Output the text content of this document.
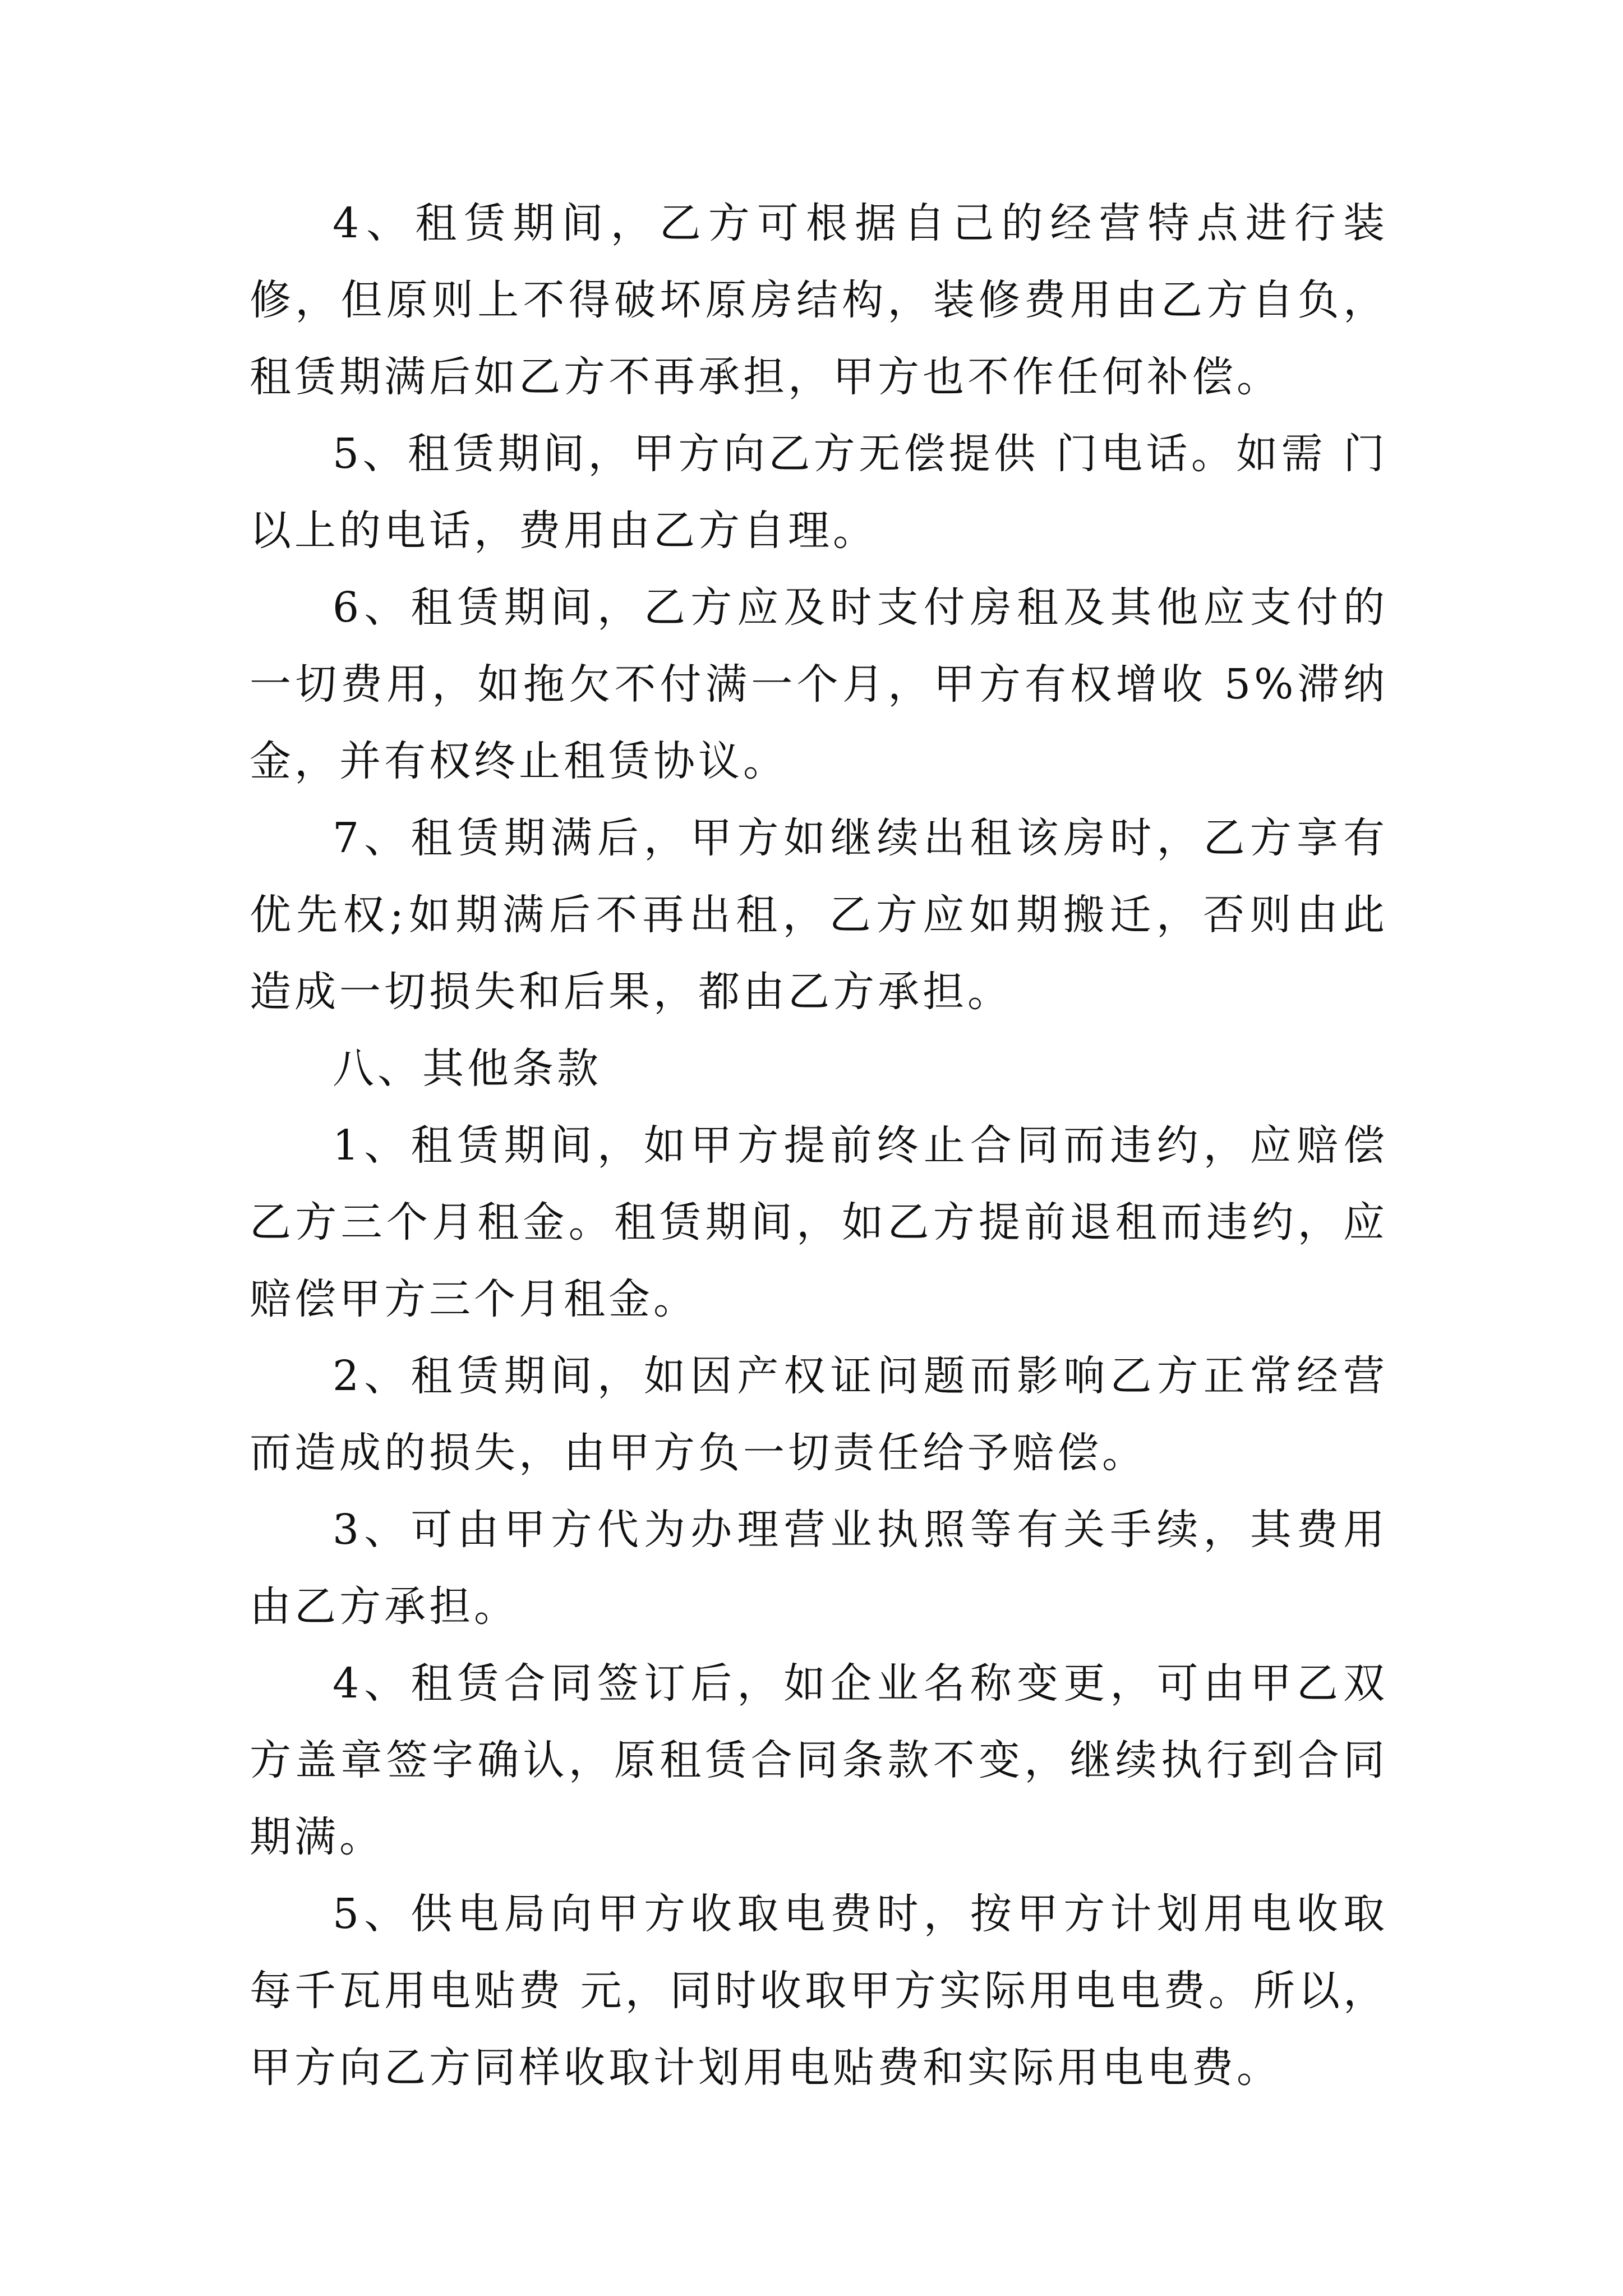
4、租赁期间，乙方可根据自己的经营特点进行装修，但原则上不得破坏原房结构，装修费用由乙方自负，租赁期满后如乙方不再承担，甲方也不作任何补偿。

5、租赁期间，甲方向乙方无偿提供 门电话。如需 门以上的电话，费用由乙方自理。

6、租赁期间，乙方应及时支付房租及其他应支付的一切费用，如拖欠不付满一个月，甲方有权增收 5%滞纳金，并有权终止租赁协议。

7、租赁期满后，甲方如继续出租该房时，乙方享有优先权;如期满后不再出租，乙方应如期搬迁，否则由此造成一切损失和后果，都由乙方承担。

八、其他条款

1、租赁期间，如甲方提前终止合同而违约，应赔偿乙方三个月租金。租赁期间，如乙方提前退租而违约，应赔偿甲方三个月租金。

2、租赁期间，如因产权证问题而影响乙方正常经营而造成的损失，由甲方负一切责任给予赔偿。

3、可由甲方代为办理营业执照等有关手续，其费用由乙方承担。

4、租赁合同签订后，如企业名称变更，可由甲乙双方盖章签字确认，原租赁合同条款不变，继续执行到合同期满。

5、供电局向甲方收取电费时，按甲方计划用电收取每千瓦用电贴费 元，同时收取甲方实际用电电费。所以，甲方向乙方同样收取计划用电贴费和实际用电电费。
